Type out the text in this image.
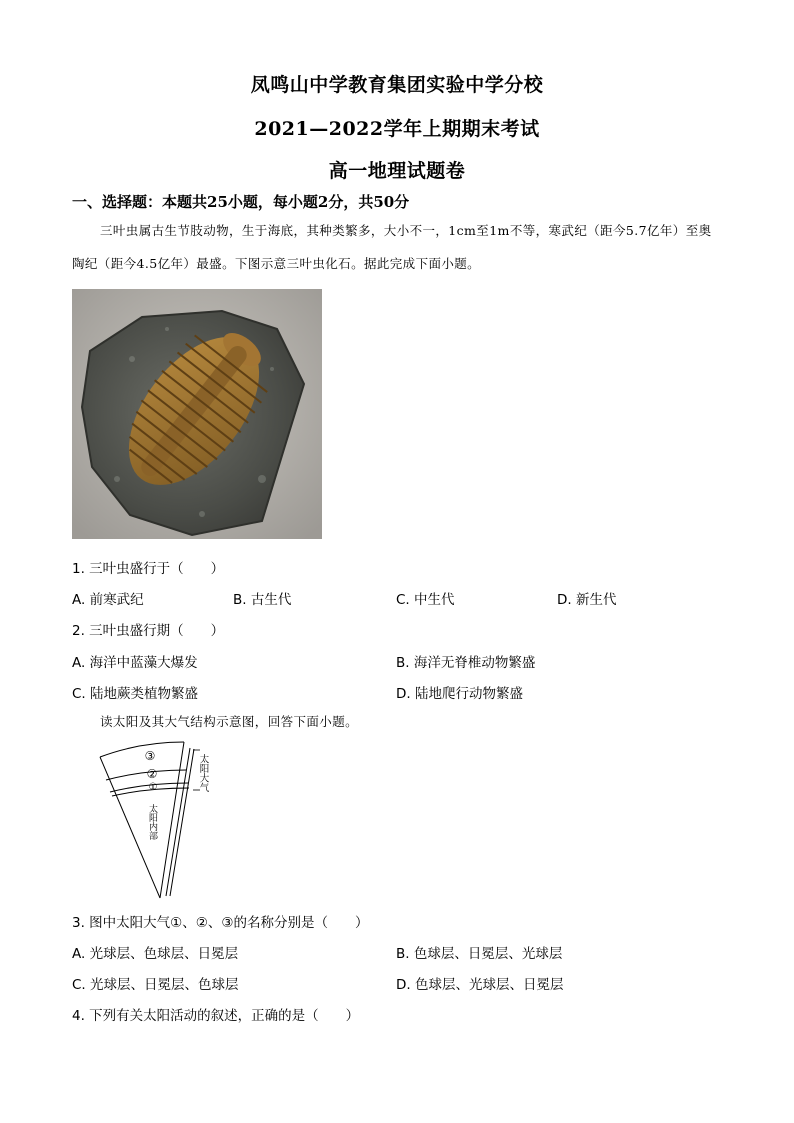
凤鸣山中学教育集团实验中学分校
2021—2022学年上期期末考试
高一地理试题卷
一、选择题：本题共25小题，每小题2分，共50分
三叶虫属古生节肢动物，生于海底，其种类繁多，大小不一，1cm至1m不等，寒武纪（距今5.7亿年）至奥陶纪（距今4.5亿年）最盛。下图示意三叶虫化石。据此完成下面小题。
1. 三叶虫盛行于（　　）
A. 前寒武纪	B. 古生代	C. 中生代	D. 新生代
2. 三叶虫盛行期（　　）
A. 海洋中蓝藻大爆发	B. 海洋无脊椎动物繁盛
C. 陆地蕨类植物繁盛	D. 陆地爬行动物繁盛
读太阳及其大气结构示意图，回答下面小题。
③
②
①	太阳大气
太阳内部
3. 图中太阳大气①、②、③的名称分别是（　　）
A. 光球层、色球层、日冕层	B. 色球层、日冕层、光球层
C. 光球层、日冕层、色球层	D. 色球层、光球层、日冕层
4. 下列有关太阳活动的叙述，正确的是（　　）
